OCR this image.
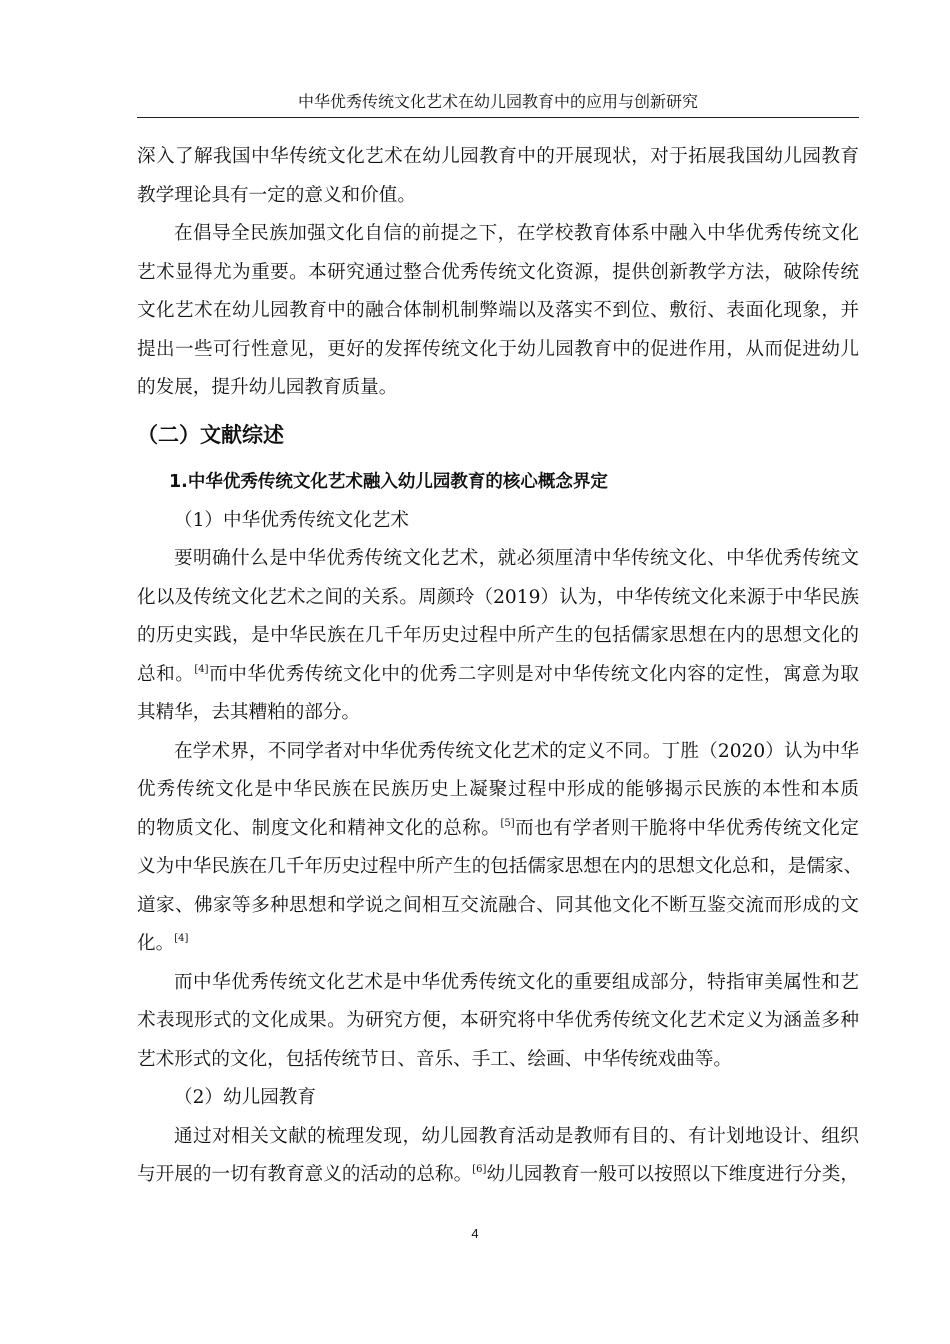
中华优秀传统文化艺术在幼儿园教育中的应用与创新研究
深入了解我国中华传统文化艺术在幼儿园教育中的开展现状，对于拓展我国幼儿园教育
教学理论具有一定的意义和价值。
在倡导全民族加强文化自信的前提之下，在学校教育体系中融入中华优秀传统文化
艺术显得尤为重要。本研究通过整合优秀传统文化资源，提供创新教学方法，破除传统
文化艺术在幼儿园教育中的融合体制机制弊端以及落实不到位、敷衍、表面化现象，并
提出一些可行性意见，更好的发挥传统文化于幼儿园教育中的促进作用，从而促进幼儿
的发展，提升幼儿园教育质量。
（二）文献综述
1.中华优秀传统文化艺术融入幼儿园教育的核心概念界定
（1）中华优秀传统文化艺术
要明确什么是中华优秀传统文化艺术，就必须厘清中华传统文化、中华优秀传统文
化以及传统文化艺术之间的关系。周颜玲（2019）认为，中华传统文化来源于中华民族
的历史实践，是中华民族在几千年历史过程中所产生的包括儒家思想在内的思想文化的
总和。[4]而中华优秀传统文化中的优秀二字则是对中华传统文化内容的定性，寓意为取
其精华，去其糟粕的部分。
在学术界，不同学者对中华优秀传统文化艺术的定义不同。丁胜（2020）认为中华
优秀传统文化是中华民族在民族历史上凝聚过程中形成的能够揭示民族的本性和本质
的物质文化、制度文化和精神文化的总称。[5]而也有学者则干脆将中华优秀传统文化定
义为中华民族在几千年历史过程中所产生的包括儒家思想在内的思想文化总和，是儒家、
道家、佛家等多种思想和学说之间相互交流融合、同其他文化不断互鉴交流而形成的文
化。[4]
而中华优秀传统文化艺术是中华优秀传统文化的重要组成部分，特指审美属性和艺
术表现形式的文化成果。为研究方便，本研究将中华优秀传统文化艺术定义为涵盖多种
艺术形式的文化，包括传统节日、音乐、手工、绘画、中华传统戏曲等。
（2）幼儿园教育
通过对相关文献的梳理发现，幼儿园教育活动是教师有目的、有计划地设计、组织
与开展的一切有教育意义的活动的总称。[6]幼儿园教育一般可以按照以下维度进行分类，
4
